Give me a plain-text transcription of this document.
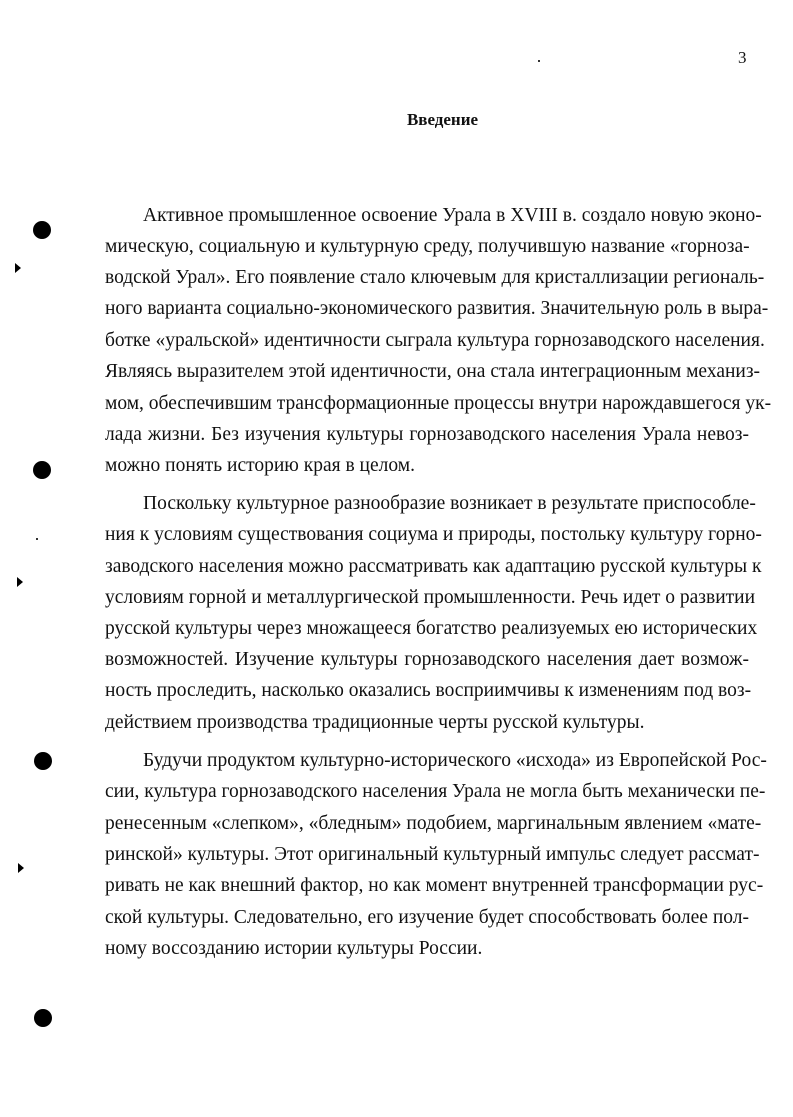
3
Введение
Активное промышленное освоение Урала в XVIII в. создало новую эконо-
мическую, социальную и культурную среду, получившую название «горноза-
водской Урал». Его появление стало ключевым для кристаллизации региональ-
ного варианта социально-экономического развития. Значительную роль в выра-
ботке «уральской» идентичности сыграла культура горнозаводского населения.
Являясь выразителем этой идентичности, она стала интеграционным механиз-
мом, обеспечившим трансформационные процессы внутри нарождавшегося ук-
лада жизни. Без изучения культуры горнозаводского населения Урала невоз-
можно понять историю края в целом.
Поскольку культурное разнообразие возникает в результате приспособле-
ния к условиям существования социума и природы, постольку культуру горно-
заводского населения можно рассматривать как адаптацию русской культуры к
условиям горной и металлургической промышленности. Речь идет о развитии
русской культуры через множащееся богатство реализуемых ею исторических
возможностей. Изучение культуры горнозаводского населения дает возмож-
ность проследить, насколько оказались восприимчивы к изменениям под воз-
действием производства традиционные черты русской культуры.
Будучи продуктом культурно-исторического «исхода» из Европейской Рос-
сии, культура горнозаводского населения Урала не могла быть механически пе-
ренесенным «слепком», «бледным» подобием, маргинальным явлением «мате-
ринской» культуры. Этот оригинальный культурный импульс следует рассмат-
ривать не как внешний фактор, но как момент внутренней трансформации рус-
ской культуры. Следовательно, его изучение будет способствовать более пол-
ному воссозданию истории культуры России.
